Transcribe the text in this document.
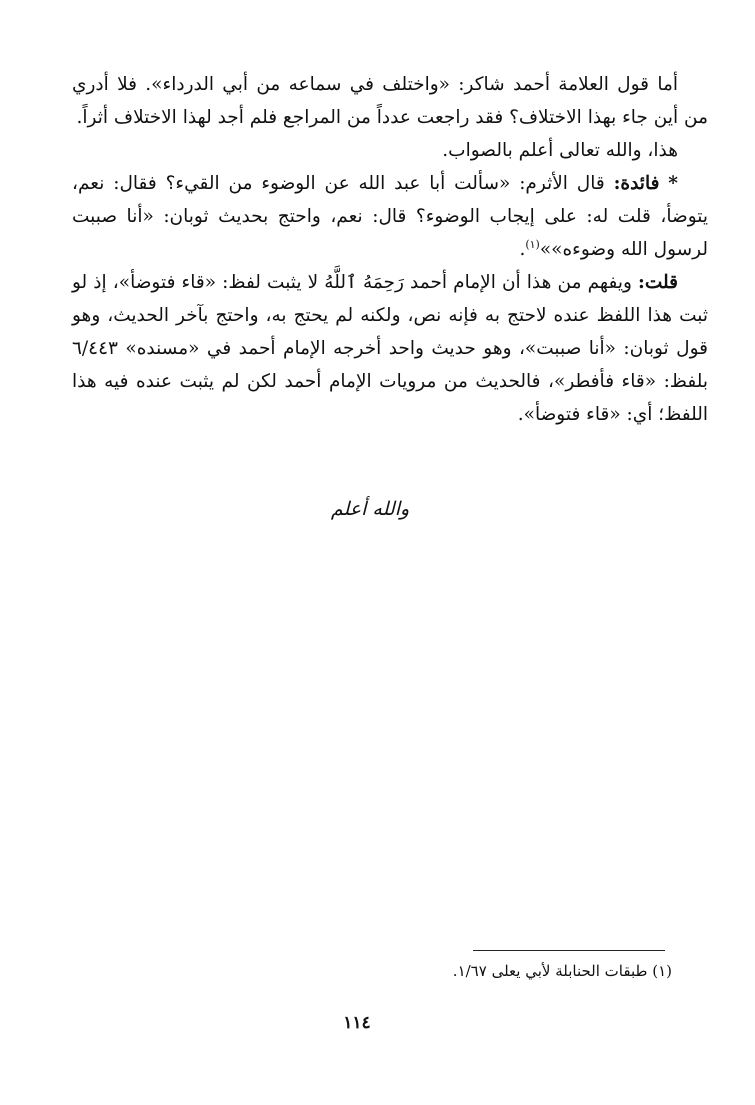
أما قول العلامة أحمد شاكر: «واختلف في سماعه من أبي الدرداء». فلا أدري من أين جاء بهذا الاختلاف؟ فقد راجعت عدداً من المراجع فلم أجد لهذا الاختلاف أثراً.

هذا، والله تعالى أعلم بالصواب.

* فائدة: قال الأثرم: «سألت أبا عبد الله عن الوضوء من القيء؟ فقال: نعم، يتوضأ، قلت له: على إيجاب الوضوء؟ قال: نعم، واحتج بحديث ثوبان: «أنا صببت لرسول الله وضوءه»»$^{(١)}$.

قلت: ويفهم من هذا أن الإمام أحمد رَحِمَهُ ٱللَّهُ لا يثبت لفظ: «قاء فتوضأ»، إذ لو ثبت هذا اللفظ عنده لاحتج به فإنه نص، ولكنه لم يحتج به، واحتج بآخر الحديث، وهو قول ثوبان: «أنا صببت»، وهو حديث واحد أخرجه الإمام أحمد في «مسنده» ٦/٤٤٣ بلفظ: «قاء فأفطر»، فالحديث من مرويات الإمام أحمد لكن لم يثبت عنده فيه هذا اللفظ؛ أي: «قاء فتوضأ».

والله أعلم
(١) طبقات الحنابلة لأبي يعلى ١/٦٧.
١١٤
